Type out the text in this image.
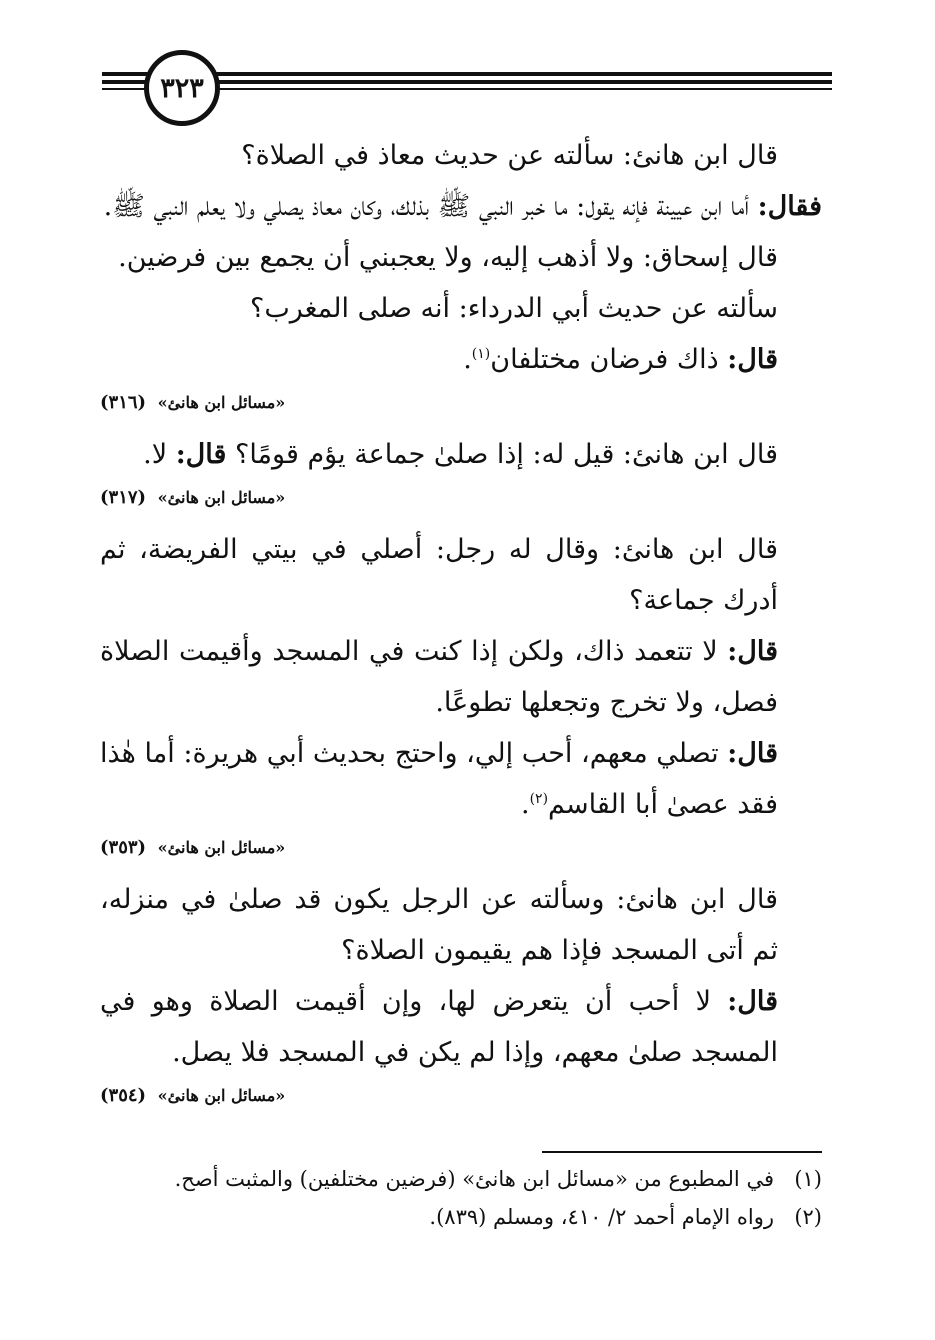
٣٢٣

قال ابن هانئ: سألته عن حديث معاذ في الصلاة؟

فقال: أما ابن عيينة فإنه يقول: ما خبر النبي ﷺ بذلك، وكان معاذ يصلي ولا يعلم النبي ﷺ.

قال إسحاق: ولا أذهب إليه، ولا يعجبني أن يجمع بين فرضين.

سألته عن حديث أبي الدرداء: أنه صلى المغرب؟

قال: ذاك فرضان مختلفان$^{(١)}$.

«مسائل ابن هانئ» (٣١٦)

قال ابن هانئ: قيل له: إذا صلىٰ جماعة يؤم قومًا؟ قال: لا.

«مسائل ابن هانئ» (٣١٧)

قال ابن هانئ: وقال له رجل: أصلي في بيتي الفريضة، ثم أدرك جماعة؟

قال: لا تتعمد ذاك، ولكن إذا كنت في المسجد وأقيمت الصلاة فصل، ولا تخرج وتجعلها تطوعًا.

قال: تصلي معهم، أحب إلي، واحتج بحديث أبي هريرة: أما هٰذا فقد عصىٰ أبا القاسم$^{(٢)}$.

«مسائل ابن هانئ» (٣٥٣)

قال ابن هانئ: وسألته عن الرجل يكون قد صلىٰ في منزله، ثم أتى المسجد فإذا هم يقيمون الصلاة؟

قال: لا أحب أن يتعرض لها، وإن أقيمت الصلاة وهو في المسجد صلىٰ معهم، وإذا لم يكن في المسجد فلا يصل.

«مسائل ابن هانئ» (٣٥٤)

(١)في المطبوع من «مسائل ابن هانئ» (فرضين مختلفين) والمثبت أصح.

(٢)رواه الإمام أحمد ٢/ ٤١٠، ومسلم (٨٣٩).
